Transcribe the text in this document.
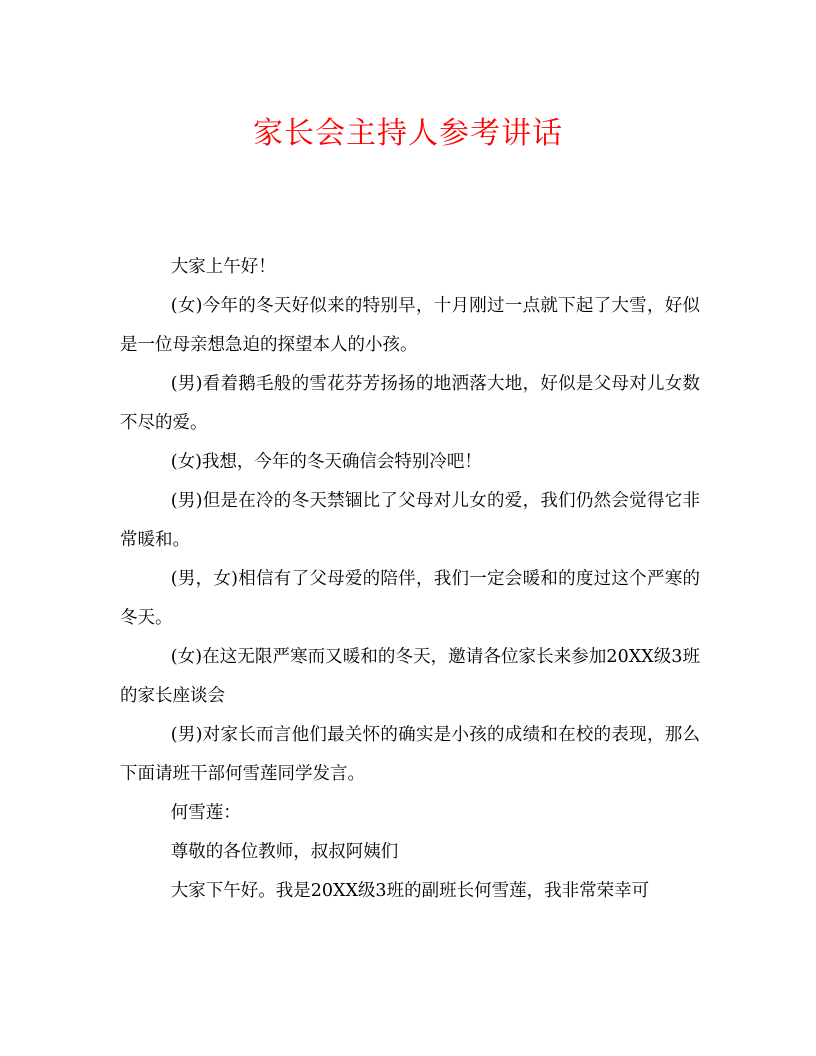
家长会主持人参考讲话

大家上午好！

(女)今年的冬天好似来的特别早，十月刚过一点就下起了大雪，好似是一位母亲想急迫的探望本人的小孩。

(男)看着鹅毛般的雪花芬芳扬扬的地洒落大地，好似是父母对儿女数不尽的爱。

(女)我想，今年的冬天确信会特别冷吧！

(男)但是在冷的冬天禁锢比了父母对儿女的爱，我们仍然会觉得它非常暖和。

(男，女)相信有了父母爱的陪伴，我们一定会暖和的度过这个严寒的冬天。

(女)在这无限严寒而又暖和的冬天，邀请各位家长来参加20XX级3班的家长座谈会

(男)对家长而言他们最关怀的确实是小孩的成绩和在校的表现，那么下面请班干部何雪莲同学发言。

何雪莲：

尊敬的各位教师，叔叔阿姨们

大家下午好。我是20XX级3班的副班长何雪莲，我非常荣幸可
